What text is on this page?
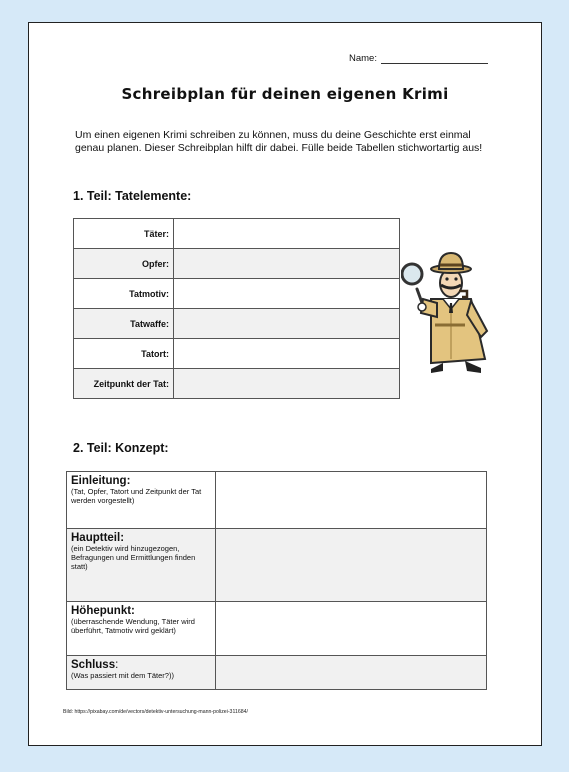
Name:
Schreibplan für deinen eigenen Krimi
Um einen eigenen Krimi schreiben zu können, muss du deine Geschichte erst einmal genau planen. Dieser Schreibplan hilft dir dabei. Fülle beide Tabellen stichwortartig aus!
1. Teil: Tatelemente:
Täter:	
Opfer:	
Tatmotiv:	
Tatwaffe:	
Tatort:	
Zeitpunkt der Tat:	
2. Teil: Konzept:
Einleitung:
(Tat, Opfer, Tatort und Zeitpunkt der Tat werden vorgestellt)	

Hauptteil:
(ein Detektiv wird hinzugezogen, Befragungen und Ermittlungen finden statt)	

Höhepunkt:
(überraschende Wendung, Täter wird überführt, Tatmotiv wird geklärt)	

Schluss:
(Was passiert mit dem Täter?))	

Bild: https://pixabay.com/de/vectors/detektiv-untersuchung-mann-polizei-311684/
